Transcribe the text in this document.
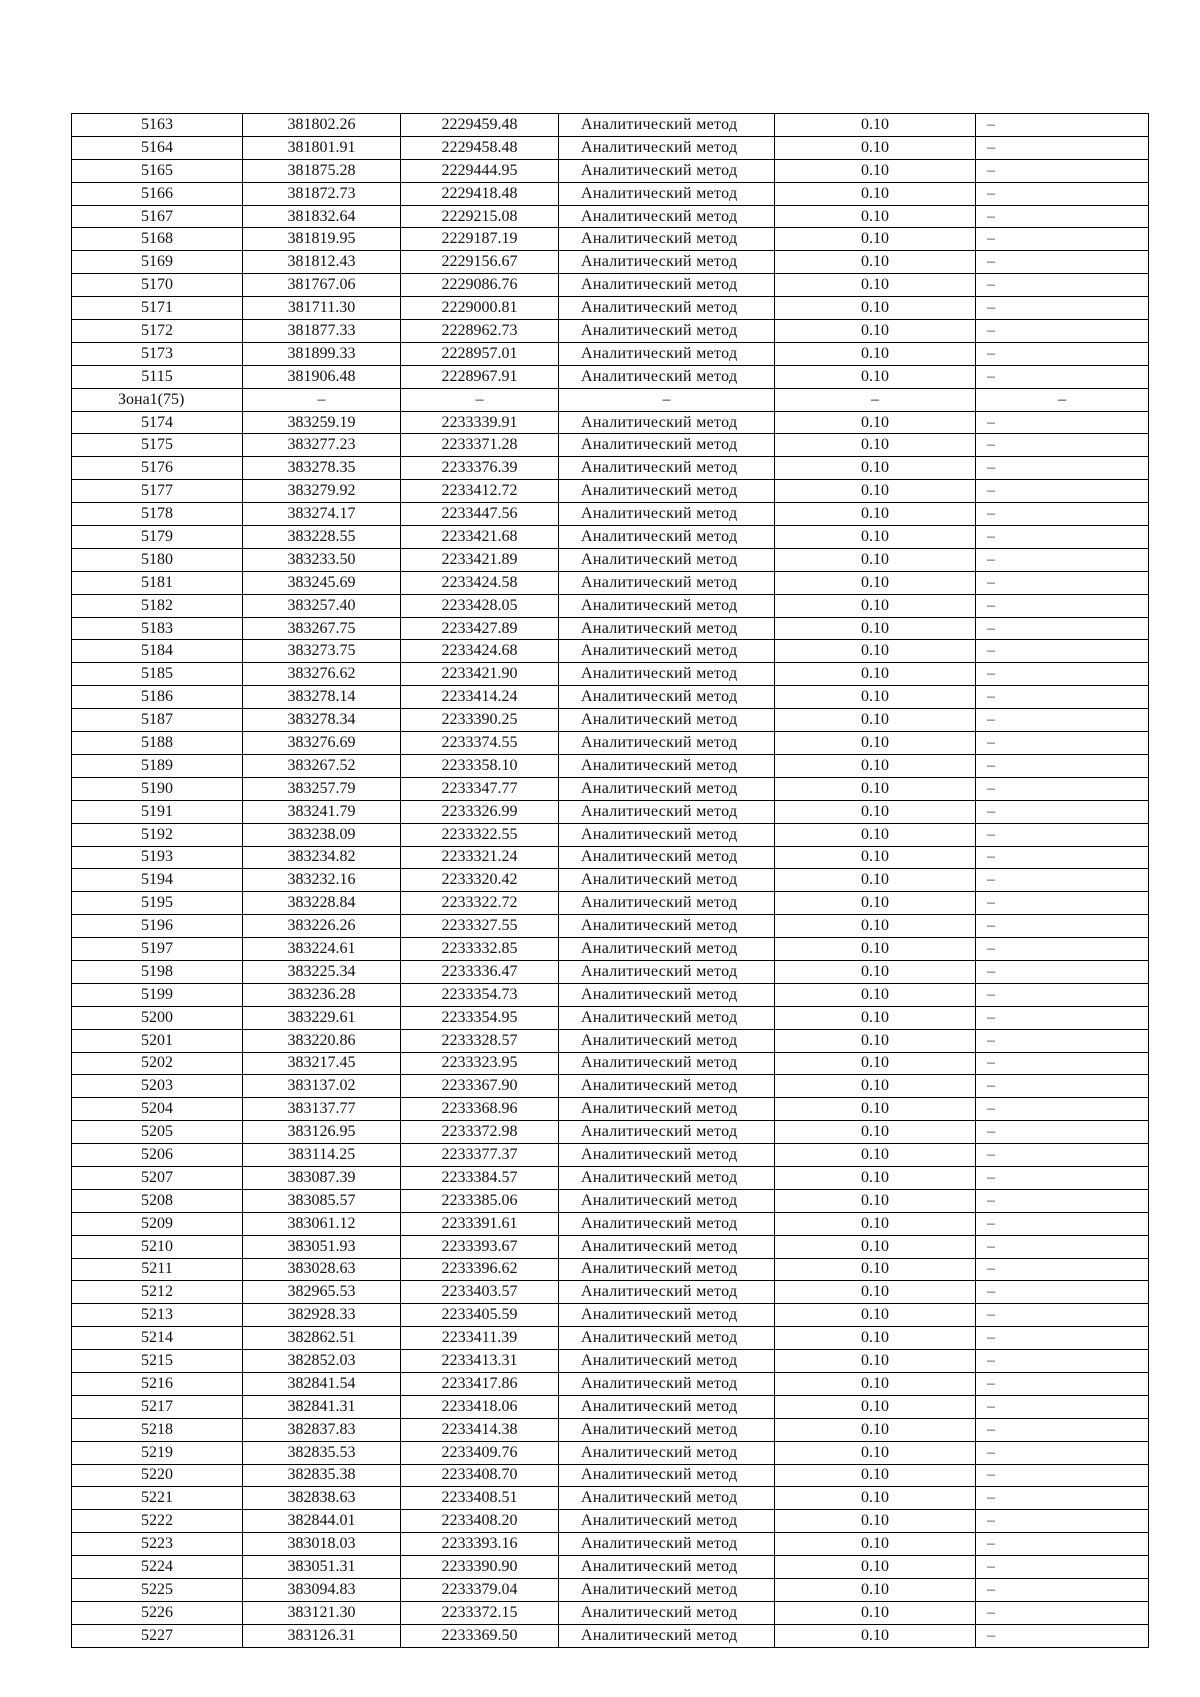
5163	381802.26	2229459.48	Аналитический метод	0.10	–
5164	381801.91	2229458.48	Аналитический метод	0.10	–
5165	381875.28	2229444.95	Аналитический метод	0.10	–
5166	381872.73	2229418.48	Аналитический метод	0.10	–
5167	381832.64	2229215.08	Аналитический метод	0.10	–
5168	381819.95	2229187.19	Аналитический метод	0.10	–
5169	381812.43	2229156.67	Аналитический метод	0.10	–
5170	381767.06	2229086.76	Аналитический метод	0.10	–
5171	381711.30	2229000.81	Аналитический метод	0.10	–
5172	381877.33	2228962.73	Аналитический метод	0.10	–
5173	381899.33	2228957.01	Аналитический метод	0.10	–
5115	381906.48	2228967.91	Аналитический метод	0.10	–
Зона1(75)	–	–	–	–	–
5174	383259.19	2233339.91	Аналитический метод	0.10	–
5175	383277.23	2233371.28	Аналитический метод	0.10	–
5176	383278.35	2233376.39	Аналитический метод	0.10	–
5177	383279.92	2233412.72	Аналитический метод	0.10	–
5178	383274.17	2233447.56	Аналитический метод	0.10	–
5179	383228.55	2233421.68	Аналитический метод	0.10	–
5180	383233.50	2233421.89	Аналитический метод	0.10	–
5181	383245.69	2233424.58	Аналитический метод	0.10	–
5182	383257.40	2233428.05	Аналитический метод	0.10	–
5183	383267.75	2233427.89	Аналитический метод	0.10	–
5184	383273.75	2233424.68	Аналитический метод	0.10	–
5185	383276.62	2233421.90	Аналитический метод	0.10	–
5186	383278.14	2233414.24	Аналитический метод	0.10	–
5187	383278.34	2233390.25	Аналитический метод	0.10	–
5188	383276.69	2233374.55	Аналитический метод	0.10	–
5189	383267.52	2233358.10	Аналитический метод	0.10	–
5190	383257.79	2233347.77	Аналитический метод	0.10	–
5191	383241.79	2233326.99	Аналитический метод	0.10	–
5192	383238.09	2233322.55	Аналитический метод	0.10	–
5193	383234.82	2233321.24	Аналитический метод	0.10	–
5194	383232.16	2233320.42	Аналитический метод	0.10	–
5195	383228.84	2233322.72	Аналитический метод	0.10	–
5196	383226.26	2233327.55	Аналитический метод	0.10	–
5197	383224.61	2233332.85	Аналитический метод	0.10	–
5198	383225.34	2233336.47	Аналитический метод	0.10	–
5199	383236.28	2233354.73	Аналитический метод	0.10	–
5200	383229.61	2233354.95	Аналитический метод	0.10	–
5201	383220.86	2233328.57	Аналитический метод	0.10	–
5202	383217.45	2233323.95	Аналитический метод	0.10	–
5203	383137.02	2233367.90	Аналитический метод	0.10	–
5204	383137.77	2233368.96	Аналитический метод	0.10	–
5205	383126.95	2233372.98	Аналитический метод	0.10	–
5206	383114.25	2233377.37	Аналитический метод	0.10	–
5207	383087.39	2233384.57	Аналитический метод	0.10	–
5208	383085.57	2233385.06	Аналитический метод	0.10	–
5209	383061.12	2233391.61	Аналитический метод	0.10	–
5210	383051.93	2233393.67	Аналитический метод	0.10	–
5211	383028.63	2233396.62	Аналитический метод	0.10	–
5212	382965.53	2233403.57	Аналитический метод	0.10	–
5213	382928.33	2233405.59	Аналитический метод	0.10	–
5214	382862.51	2233411.39	Аналитический метод	0.10	–
5215	382852.03	2233413.31	Аналитический метод	0.10	–
5216	382841.54	2233417.86	Аналитический метод	0.10	–
5217	382841.31	2233418.06	Аналитический метод	0.10	–
5218	382837.83	2233414.38	Аналитический метод	0.10	–
5219	382835.53	2233409.76	Аналитический метод	0.10	–
5220	382835.38	2233408.70	Аналитический метод	0.10	–
5221	382838.63	2233408.51	Аналитический метод	0.10	–
5222	382844.01	2233408.20	Аналитический метод	0.10	–
5223	383018.03	2233393.16	Аналитический метод	0.10	–
5224	383051.31	2233390.90	Аналитический метод	0.10	–
5225	383094.83	2233379.04	Аналитический метод	0.10	–
5226	383121.30	2233372.15	Аналитический метод	0.10	–
5227	383126.31	2233369.50	Аналитический метод	0.10	–
